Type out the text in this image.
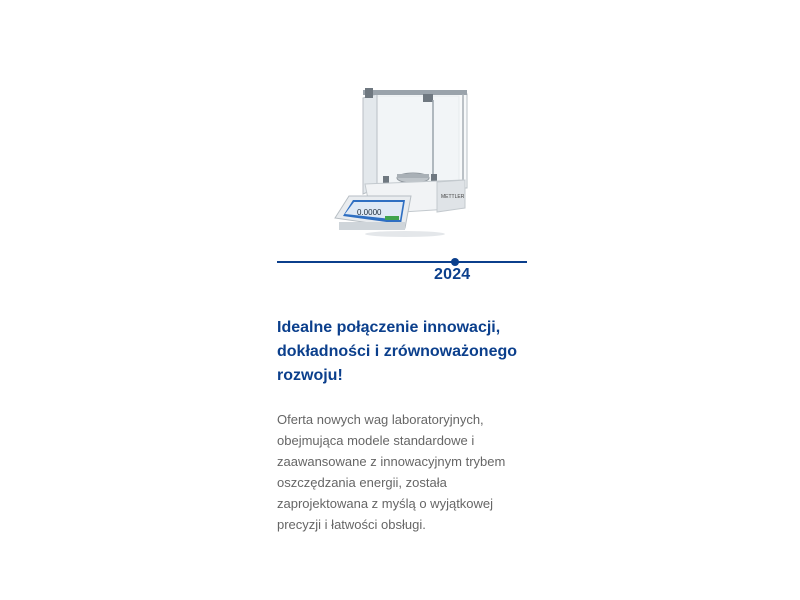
METTLER
0.0000
2024
Idealne połączenie innowacji,
dokładności i zrównoważonego
rozwoju!

Oferta nowych wag laboratoryjnych,
obejmująca modele standardowe i
zaawansowane z innowacyjnym trybem
oszczędzania energii, została
zaprojektowana z myślą o wyjątkowej
precyzji i łatwości obsługi.
